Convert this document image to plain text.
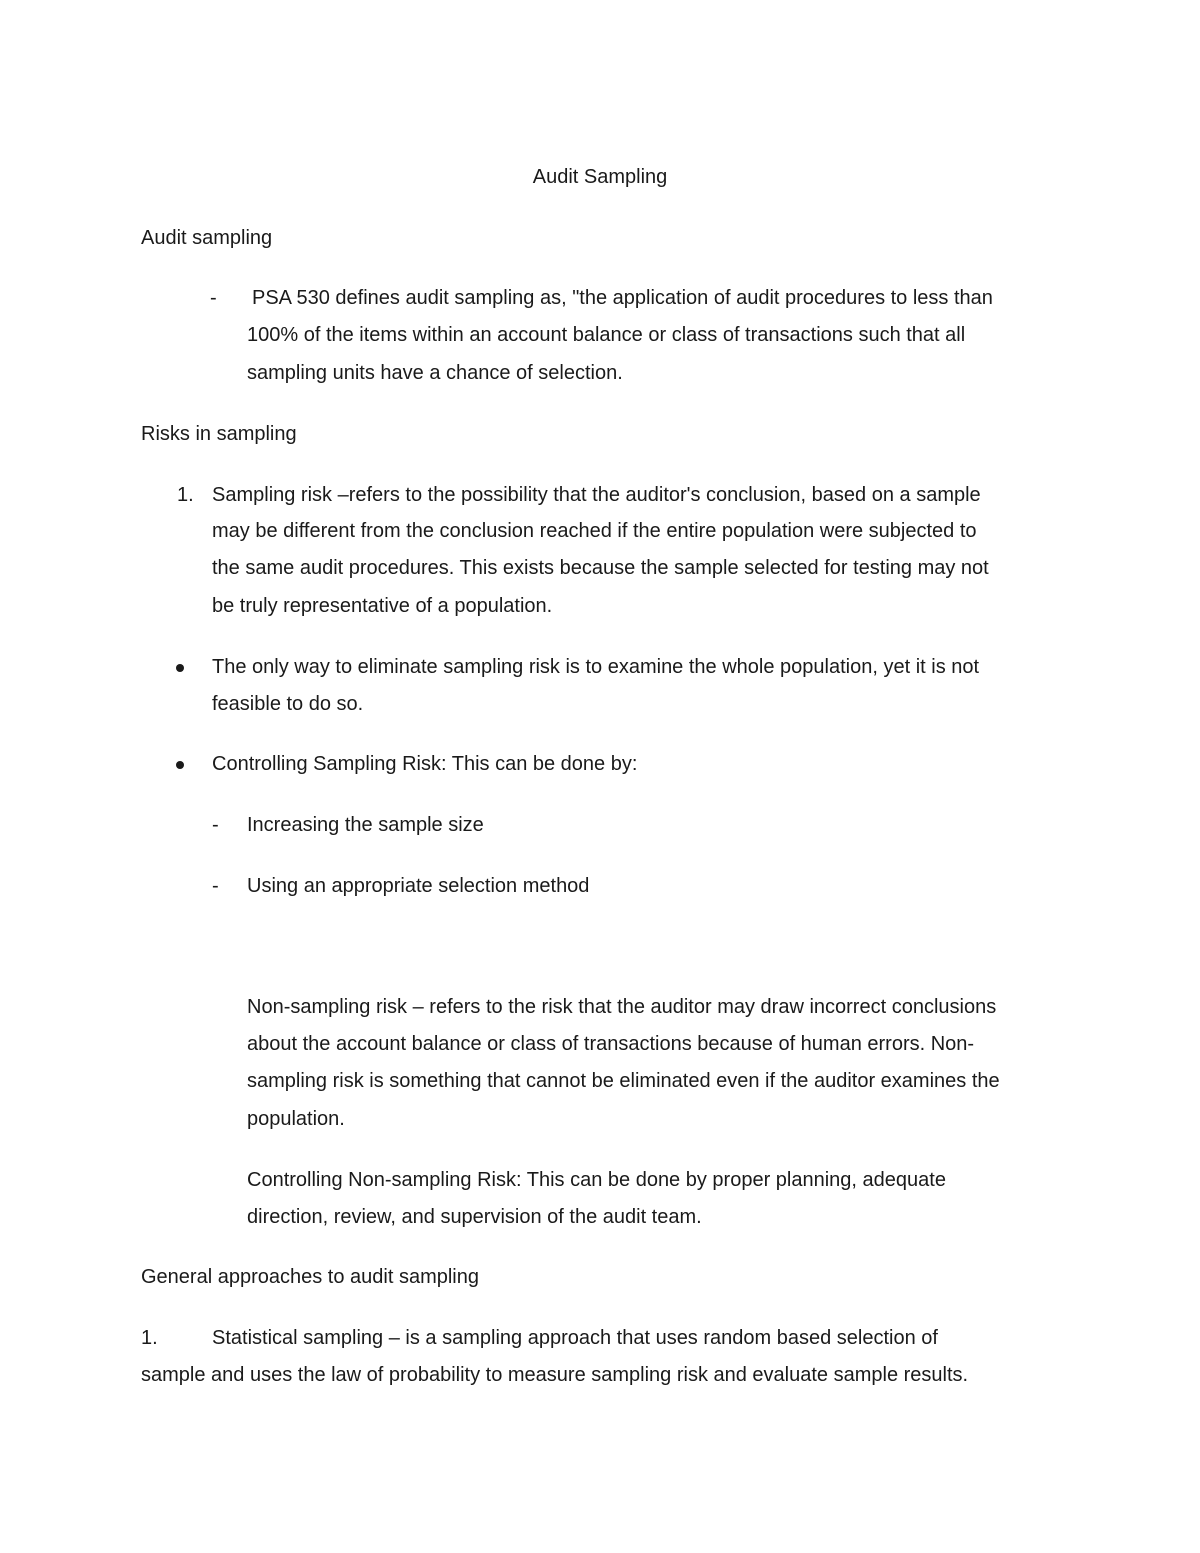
Audit Sampling
Audit sampling
- PSA 530 defines audit sampling as, "the application of audit procedures to less than
100% of the items within an account balance or class of transactions such that all
sampling units have a chance of selection.
Risks in sampling
1. Sampling risk –refers to the possibility that the auditor's conclusion, based on a sample
may be different from the conclusion reached if the entire population were subjected to
the same audit procedures. This exists because the sample selected for testing may not
be truly representative of a population.
The only way to eliminate sampling risk is to examine the whole population, yet it is not
feasible to do so.
Controlling Sampling Risk: This can be done by:
- Increasing the sample size
- Using an appropriate selection method
Non-sampling risk – refers to the risk that the auditor may draw incorrect conclusions
about the account balance or class of transactions because of human errors. Non-
sampling risk is something that cannot be eliminated even if the auditor examines the
population.
Controlling Non-sampling Risk: This can be done by proper planning, adequate
direction, review, and supervision of the audit team.
General approaches to audit sampling
1.	Statistical sampling – is a sampling approach that uses random based selection of
sample and uses the law of probability to measure sampling risk and evaluate sample results.
